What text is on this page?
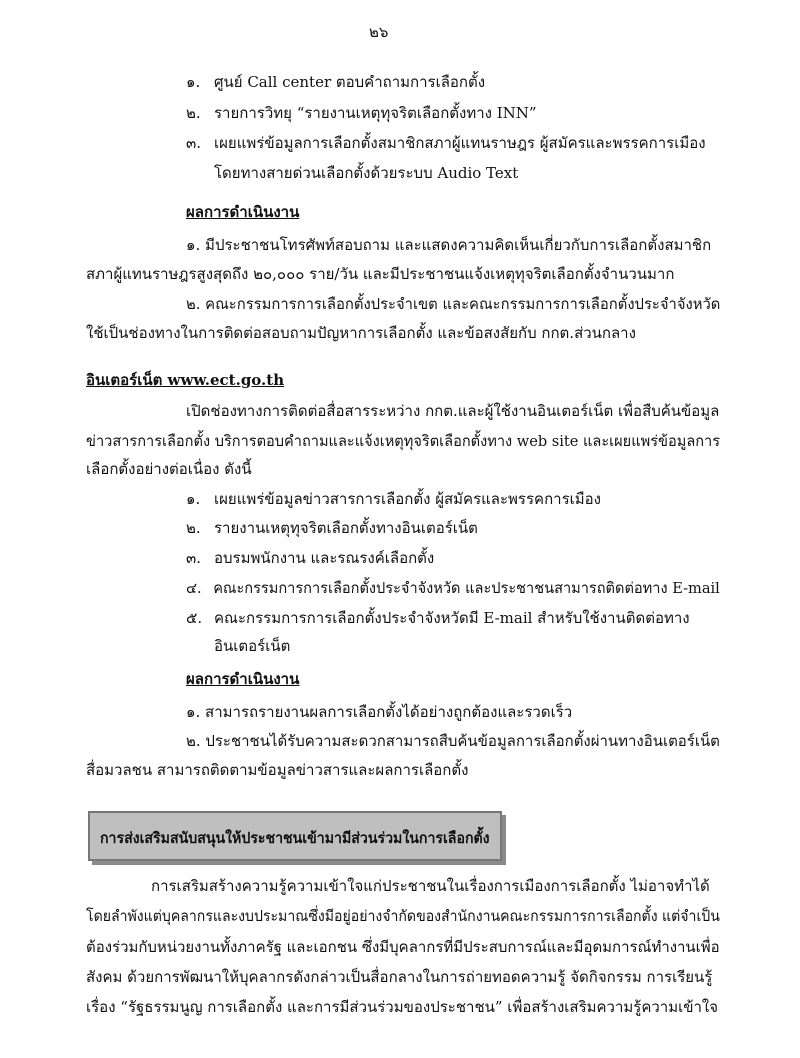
๒๖
๑. ศูนย์ Call center ตอบคำถามการเลือกตั้ง
๒. รายการวิทยุ “รายงานเหตุทุจริตเลือกตั้งทาง INN”
๓. เผยแพร่ข้อมูลการเลือกตั้งสมาชิกสภาผู้แทนราษฎร ผู้สมัครและพรรคการเมือง
โดยทางสายด่วนเลือกตั้งด้วยระบบ Audio Text
ผลการดำเนินงาน
๑. มีประชาชนโทรศัพท์สอบถาม และแสดงความคิดเห็นเกี่ยวกับการเลือกตั้งสมาชิก
สภาผู้แทนราษฎรสูงสุดถึง ๒๐,๐๐๐ ราย/วัน และมีประชาชนแจ้งเหตุทุจริตเลือกตั้งจำนวนมาก
๒. คณะกรรมการการเลือกตั้งประจำเขต และคณะกรรมการการเลือกตั้งประจำจังหวัด
ใช้เป็นช่องทางในการติดต่อสอบถามปัญหาการเลือกตั้ง และข้อสงสัยกับ กกต.ส่วนกลาง
อินเตอร์เน็ต www.ect.go.th
เปิดช่องทางการติดต่อสื่อสารระหว่าง กกต.และผู้ใช้งานอินเตอร์เน็ต เพื่อสืบค้นข้อมูล
ข่าวสารการเลือกตั้ง บริการตอบคำถามและแจ้งเหตุทุจริตเลือกตั้งทาง web site และเผยแพร่ข้อมูลการ
เลือกตั้งอย่างต่อเนื่อง ดังนี้
๑. เผยแพร่ข้อมูลข่าวสารการเลือกตั้ง ผู้สมัครและพรรคการเมือง
๒. รายงานเหตุทุจริตเลือกตั้งทางอินเตอร์เน็ต
๓. อบรมพนักงาน และรณรงค์เลือกตั้ง
๔. คณะกรรมการการเลือกตั้งประจำจังหวัด และประชาชนสามารถติดต่อทาง E-mail
๕. คณะกรรมการการเลือกตั้งประจำจังหวัดมี E-mail สำหรับใช้งานติดต่อทาง
อินเตอร์เน็ต
ผลการดำเนินงาน
๑. สามารถรายงานผลการเลือกตั้งได้อย่างถูกต้องและรวดเร็ว
๒. ประชาชนได้รับความสะดวกสามารถสืบค้นข้อมูลการเลือกตั้งผ่านทางอินเตอร์เน็ต
สื่อมวลชน สามารถติดตามข้อมูลข่าวสารและผลการเลือกตั้ง
การส่งเสริมสนับสนุนให้ประชาชนเข้ามามีส่วนร่วมในการเลือกตั้ง
การเสริมสร้างความรู้ความเข้าใจแก่ประชาชนในเรื่องการเมืองการเลือกตั้ง ไม่อาจทำได้
โดยลำพังแต่บุคลากรและงบประมาณซึ่งมีอยู่อย่างจำกัดของสำนักงานคณะกรรมการการเลือกตั้ง แต่จำเป็น
ต้องร่วมกับหน่วยงานทั้งภาครัฐ และเอกชน ซึ่งมีบุคลากรที่มีประสบการณ์และมีอุดมการณ์ทำงานเพื่อ
สังคม ด้วยการพัฒนาให้บุคลากรดังกล่าวเป็นสื่อกลางในการถ่ายทอดความรู้ จัดกิจกรรม การเรียนรู้
เรื่อง “รัฐธรรมนูญ การเลือกตั้ง และการมีส่วนร่วมของประชาชน” เพื่อสร้างเสริมความรู้ความเข้าใจ
